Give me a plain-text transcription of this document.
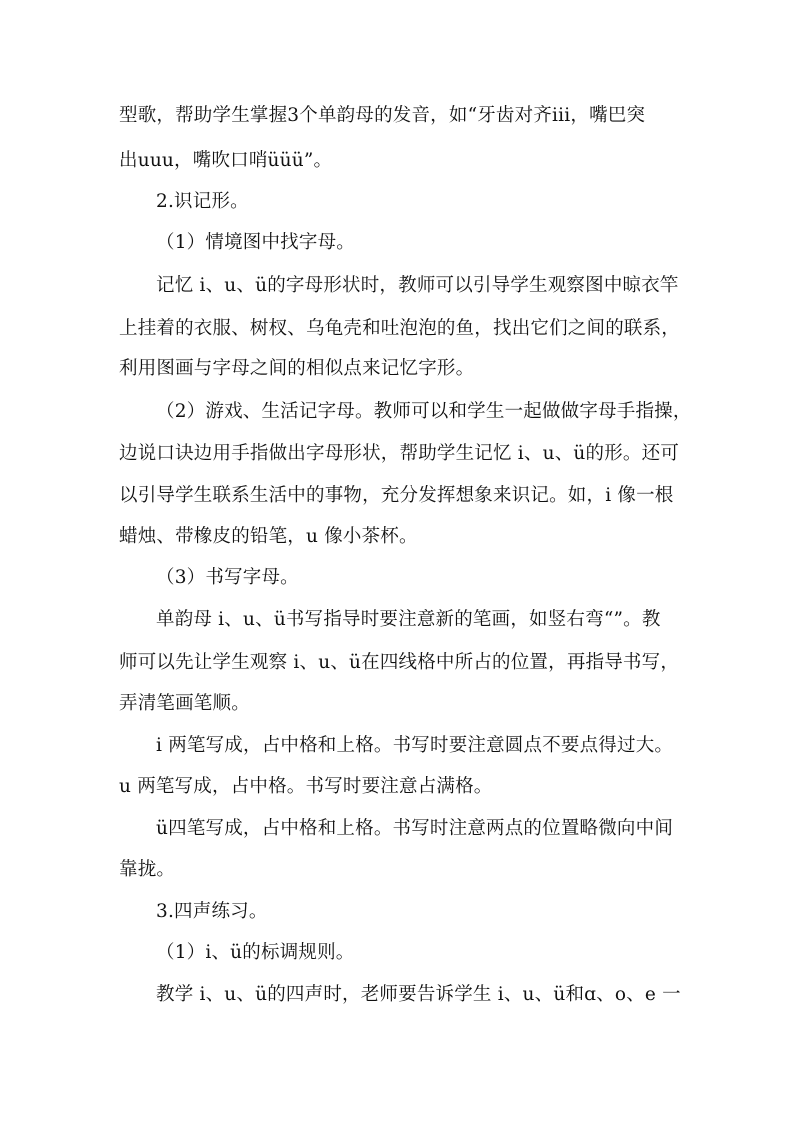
型歌，帮助学生掌握3个单韵母的发音，如“牙齿对齐iii，嘴巴突
出uuu，嘴吹口哨üüü”。
2.识记形。
（1）情境图中找字母。
记忆 i、u、ü的字母形状时，教师可以引导学生观察图中晾衣竿
上挂着的衣服、树杈、乌龟壳和吐泡泡的鱼，找出它们之间的联系，
利用图画与字母之间的相似点来记忆字形。
（2）游戏、生活记字母。教师可以和学生一起做做字母手指操，
边说口诀边用手指做出字母形状，帮助学生记忆 i、u、ü的形。还可
以引导学生联系生活中的事物，充分发挥想象来识记。如，i 像一根
蜡烛、带橡皮的铅笔，u 像小茶杯。
（3）书写字母。
单韵母 i、u、ü书写指导时要注意新的笔画，如竖右弯“”。教
师可以先让学生观察 i、u、ü在四线格中所占的位置，再指导书写，
弄清笔画笔顺。
i 两笔写成，占中格和上格。书写时要注意圆点不要点得过大。
u 两笔写成，占中格。书写时要注意占满格。
ü四笔写成，占中格和上格。书写时注意两点的位置略微向中间
靠拢。
3.四声练习。
（1）i、ü的标调规则。
教学 i、u、ü的四声时，老师要告诉学生 i、u、ü和ɑ、o、e 一
